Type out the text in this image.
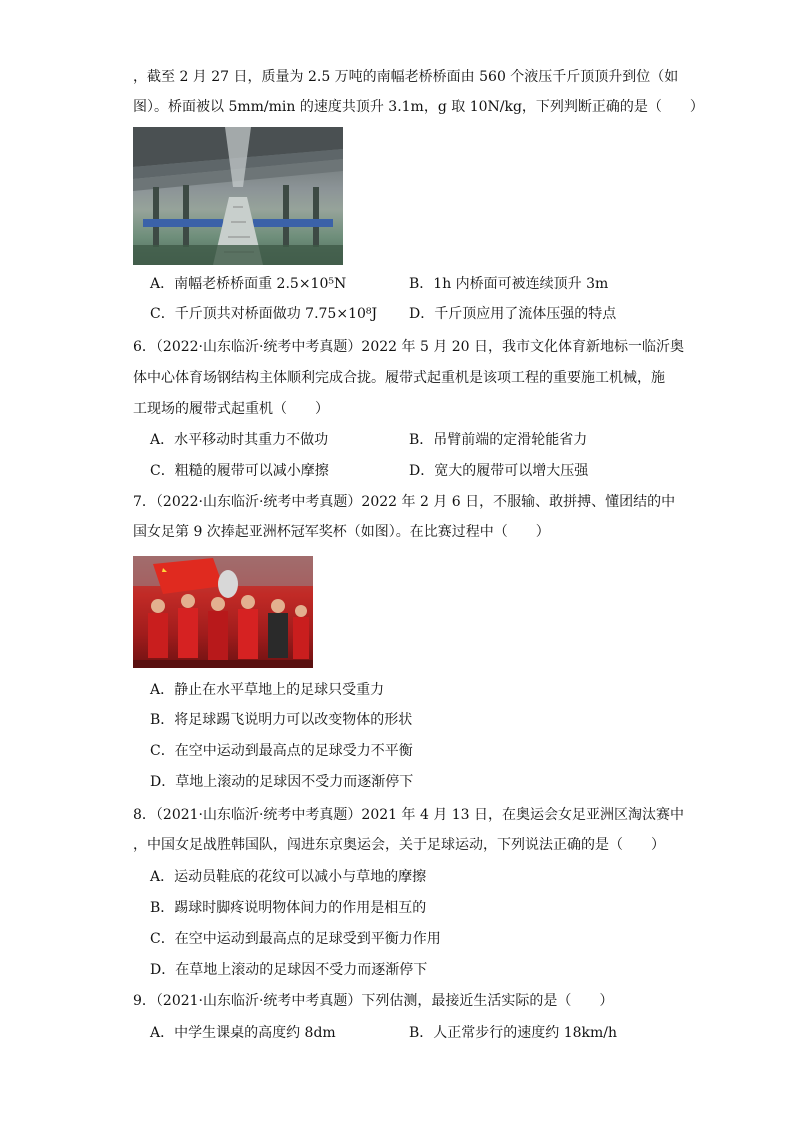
，截至 2 月 27 日，质量为 2.5 万吨的南幅老桥桥面由 560 个液压千斤顶顶升到位（如
图）。桥面被以 5mm/min 的速度共顶升 3.1m，g 取 10N/kg，下列判断正确的是（　　）
A．南幅老桥桥面重 2.5×10⁵N	B．1h 内桥面可被连续顶升 3m
C．千斤顶共对桥面做功 7.75×10⁸J D．千斤顶应用了流体压强的特点
6．（2022·山东临沂·统考中考真题）2022 年 5 月 20 日，我市文化体育新地标一临沂奥
体中心体育场钢结构主体顺利完成合拢。履带式起重机是该项工程的重要施工机械，施
工现场的履带式起重机（　　）
A．水平移动时其重力不做功	B．吊臂前端的定滑轮能省力
C．粗糙的履带可以减小摩擦	D．宽大的履带可以增大压强
7．（2022·山东临沂·统考中考真题）2022 年 2 月 6 日，不服输、敢拼搏、懂团结的中
国女足第 9 次捧起亚洲杯冠军奖杯（如图）。在比赛过程中（　　）
A．静止在水平草地上的足球只受重力
B．将足球踢飞说明力可以改变物体的形状
C．在空中运动到最高点的足球受力不平衡
D．草地上滚动的足球因不受力而逐渐停下
8．（2021·山东临沂·统考中考真题）2021 年 4 月 13 日，在奥运会女足亚洲区淘汰赛中
，中国女足战胜韩国队，闯进东京奥运会，关于足球运动，下列说法正确的是（　　）
A．运动员鞋底的花纹可以减小与草地的摩擦
B．踢球时脚疼说明物体间力的作用是相互的
C．在空中运动到最高点的足球受到平衡力作用
D．在草地上滚动的足球因不受力而逐渐停下
9．（2021·山东临沂·统考中考真题）下列估测，最接近生活实际的是（　　）
A．中学生课桌的高度约 8dm	B．人正常步行的速度约 18km/h
